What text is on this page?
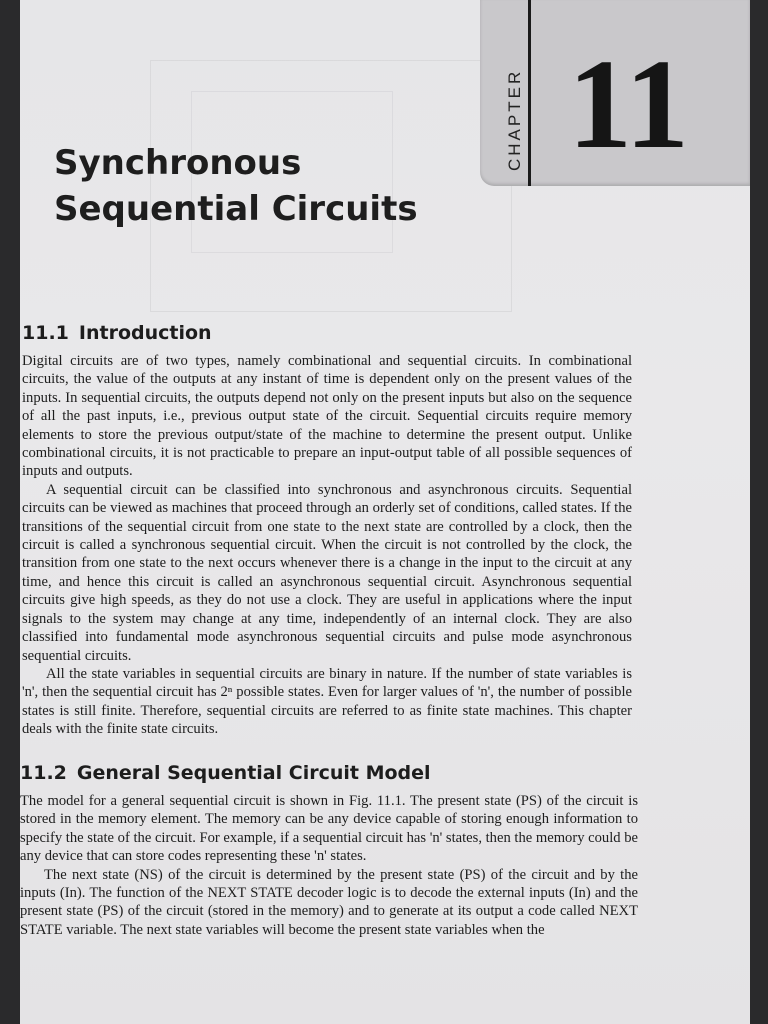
CHAPTER 11
Synchronous
Sequential Circuits
11.1 Introduction

Digital circuits are of two types, namely combinational and sequential circuits. In combinational circuits, the value of the outputs at any instant of time is dependent only on the present values of the inputs. In sequential circuits, the outputs depend not only on the present inputs but also on the sequence of all the past inputs, i.e., previous output state of the circuit. Sequential circuits require memory elements to store the previous output/state of the machine to determine the present output. Unlike combinational circuits, it is not practicable to prepare an input-output table of all possible sequences of inputs and outputs.

A sequential circuit can be classified into synchronous and asynchronous circuits. Sequential circuits can be viewed as machines that proceed through an orderly set of conditions, called states. If the transitions of the sequential circuit from one state to the next state are controlled by a clock, then the circuit is called a synchronous sequential circuit. When the circuit is not controlled by the clock, the transition from one state to the next occurs whenever there is a change in the input to the circuit at any time, and hence this circuit is called an asynchronous sequential circuit. Asynchronous sequential circuits give high speeds, as they do not use a clock. They are useful in applications where the input signals to the system may change at any time, independently of an internal clock. They are also classified into fundamental mode asynchronous sequential circuits and pulse mode asynchronous sequential circuits.

All the state variables in sequential circuits are binary in nature. If the number of state variables is 'n', then the sequential circuit has 2ⁿ possible states. Even for larger values of 'n', the number of possible states is still finite. Therefore, sequential circuits are referred to as finite state machines. This chapter deals with the finite state circuits.

11.2 General Sequential Circuit Model

The model for a general sequential circuit is shown in Fig. 11.1. The present state (PS) of the circuit is stored in the memory element. The memory can be any device capable of storing enough information to specify the state of the circuit. For example, if a sequential circuit has 'n' states, then the memory could be any device that can store codes representing these 'n' states.

The next state (NS) of the circuit is determined by the present state (PS) of the circuit and by the inputs (In). The function of the NEXT STATE decoder logic is to decode the external inputs (In) and the present state (PS) of the circuit (stored in the memory) and to generate at its output a code called NEXT STATE variable. The next state variables will become the present state variables when the
